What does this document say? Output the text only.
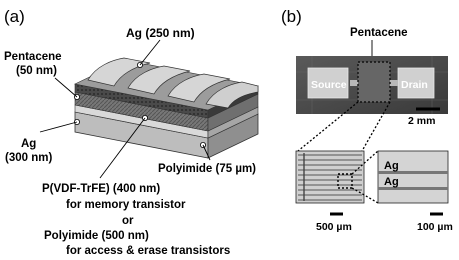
(a)
Ag (250 nm)
Pentacene
(50 nm)
Ag
(300 nm)
Polyimide (75 µm)
P(VDF-TrFE) (400 nm)
for memory transistor
or
Polyimide (500 nm)
for access & erase transistors
(b)
Pentacene
Source	Drain
2 mm
500 µm
Ag
Ag
100 µm
